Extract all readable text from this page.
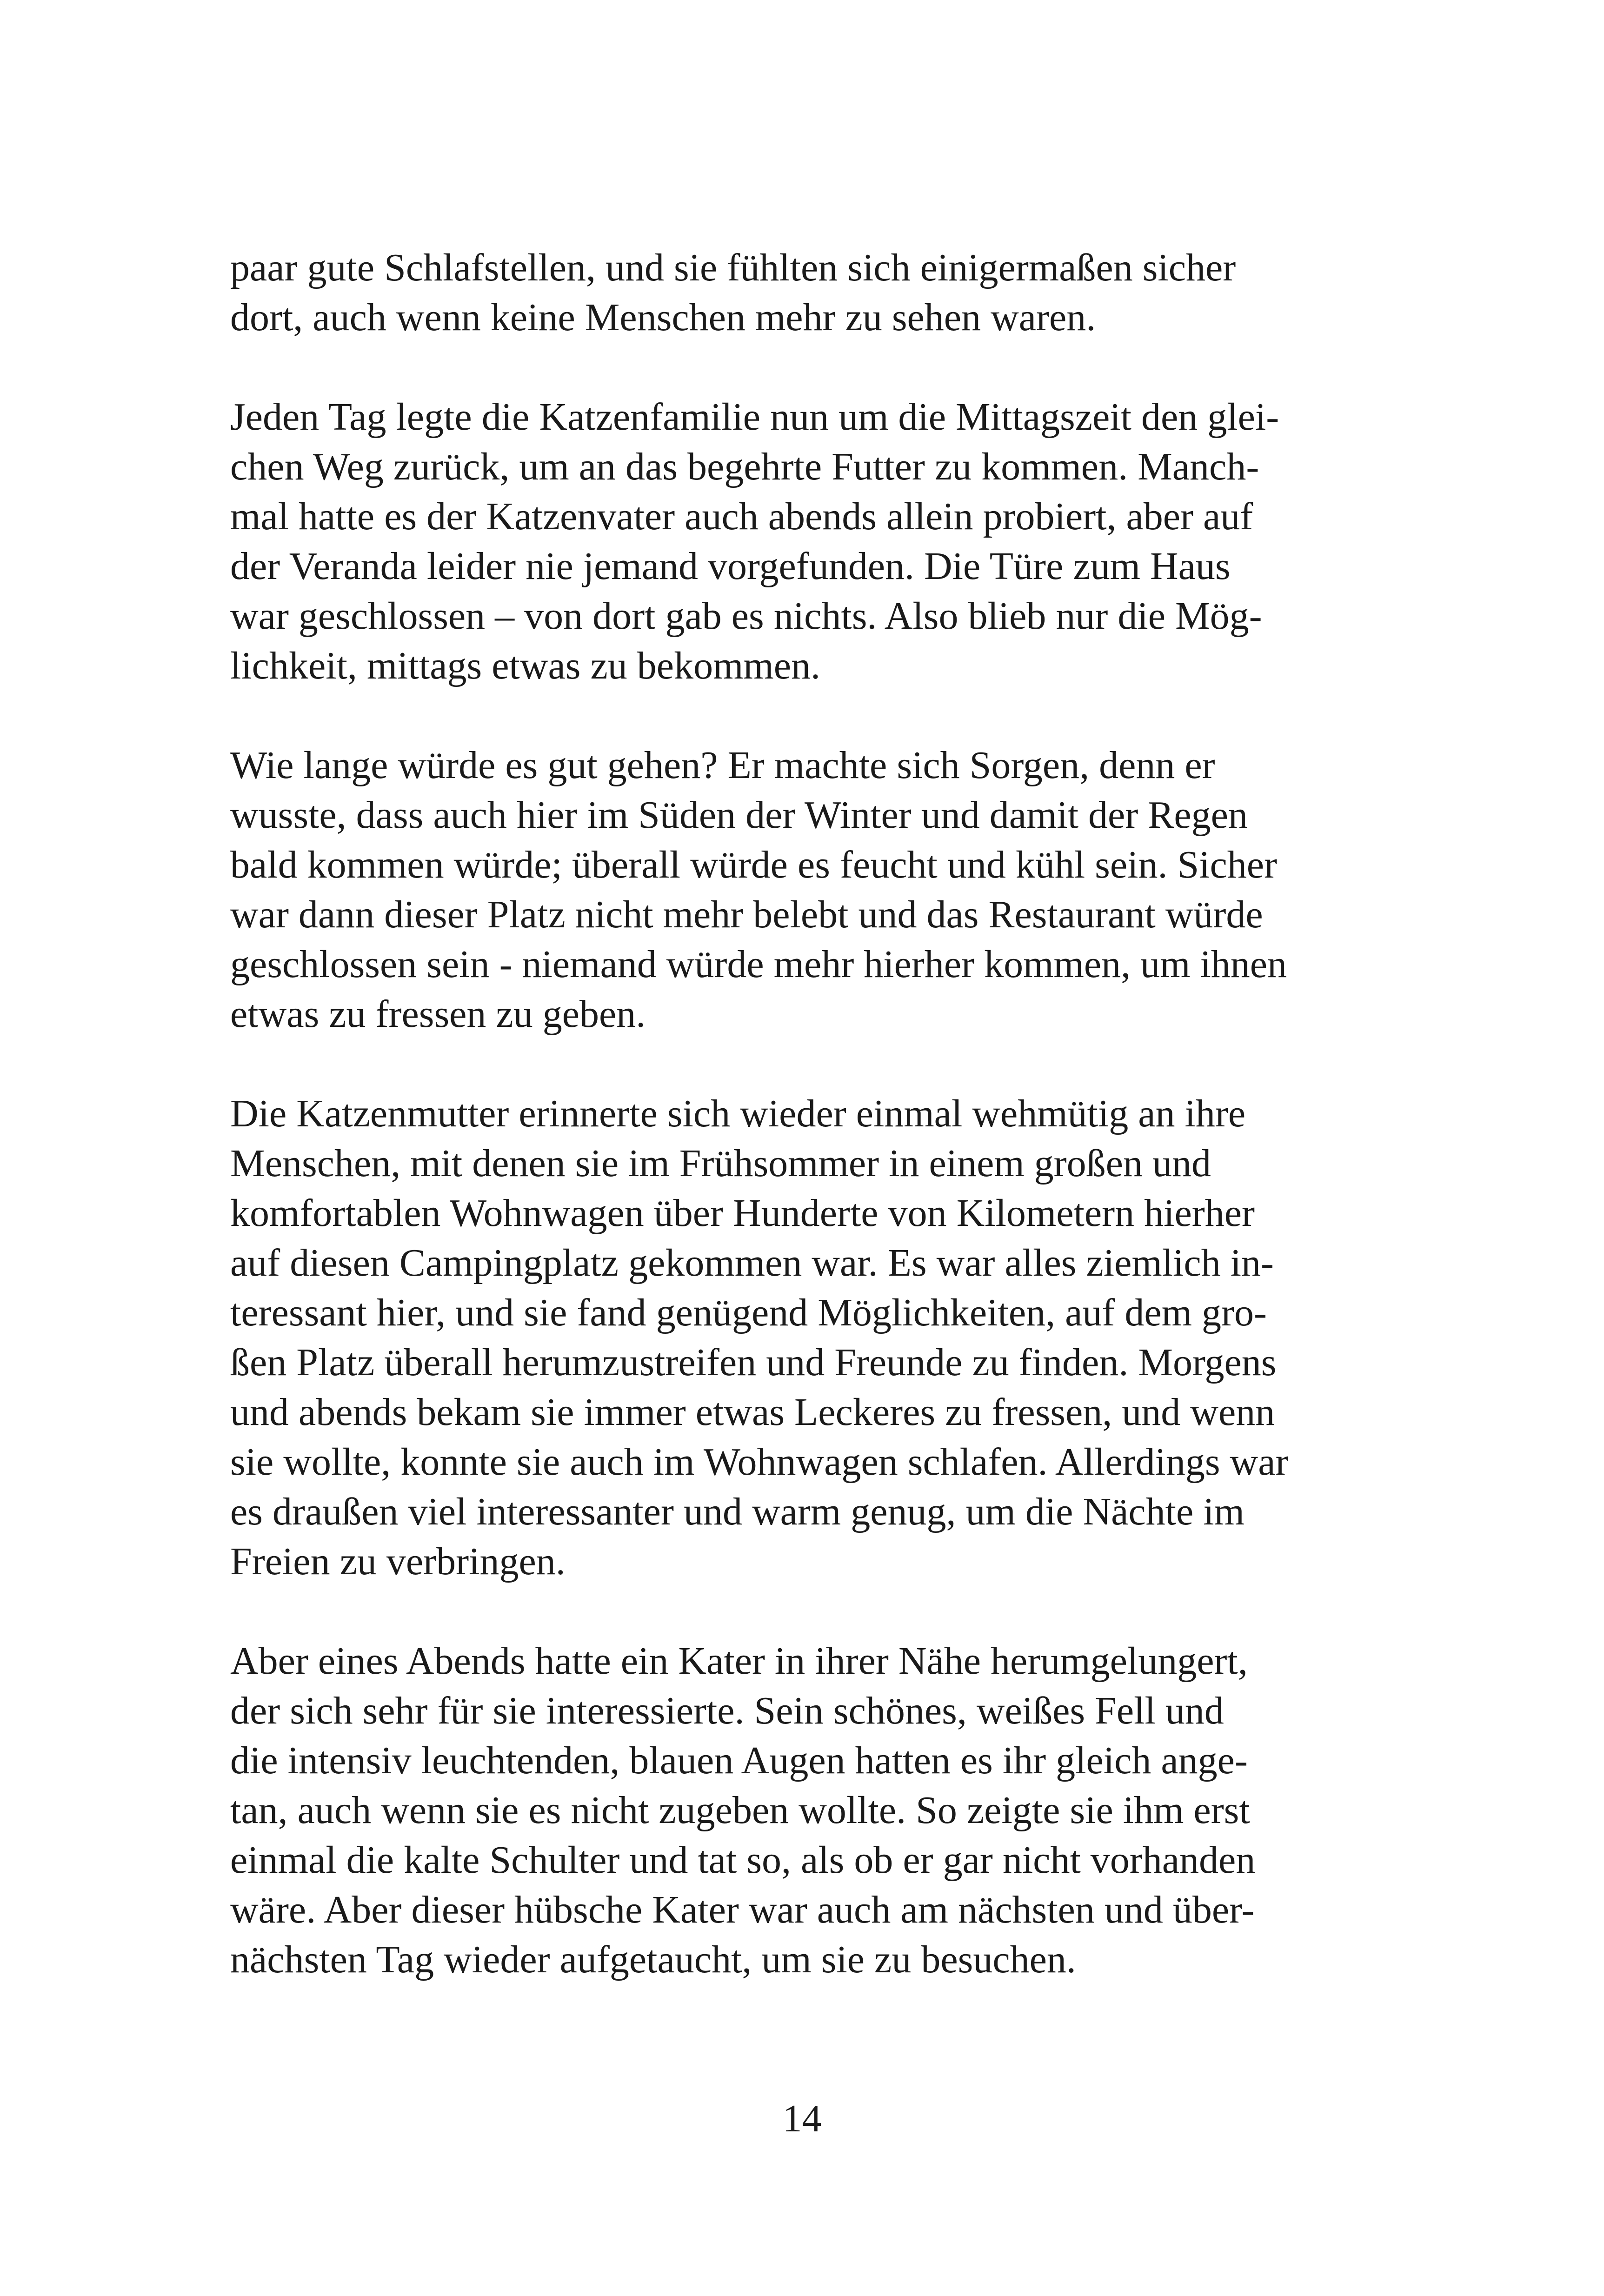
paar gute Schlafstellen, und sie fühlten sich einigermaßen sicher
dort, auch wenn keine Menschen mehr zu sehen waren.

Jeden Tag legte die Katzenfamilie nun um die Mittagszeit den glei-
chen Weg zurück, um an das begehrte Futter zu kommen. Manch-
mal hatte es der Katzenvater auch abends allein probiert, aber auf
der Veranda leider nie jemand vorgefunden. Die Türe zum Haus
war geschlossen – von dort gab es nichts. Also blieb nur die Mög-
lichkeit, mittags etwas zu bekommen.

Wie lange würde es gut gehen? Er machte sich Sorgen, denn er
wusste, dass auch hier im Süden der Winter und damit der Regen
bald kommen würde; überall würde es feucht und kühl sein. Sicher
war dann dieser Platz nicht mehr belebt und das Restaurant würde
geschlossen sein - niemand würde mehr hierher kommen, um ihnen
etwas zu fressen zu geben.

Die Katzenmutter erinnerte sich wieder einmal wehmütig an ihre
Menschen, mit denen sie im Frühsommer in einem großen und
komfortablen Wohnwagen über Hunderte von Kilometern hierher
auf diesen Campingplatz gekommen war. Es war alles ziemlich in-
teressant hier, und sie fand genügend Möglichkeiten, auf dem gro-
ßen Platz überall herumzustreifen und Freunde zu finden. Morgens
und abends bekam sie immer etwas Leckeres zu fressen, und wenn
sie wollte, konnte sie auch im Wohnwagen schlafen. Allerdings war
es draußen viel interessanter und warm genug, um die Nächte im
Freien zu verbringen.

Aber eines Abends hatte ein Kater in ihrer Nähe herumgelungert,
der sich sehr für sie interessierte. Sein schönes, weißes Fell und
die intensiv leuchtenden, blauen Augen hatten es ihr gleich ange-
tan, auch wenn sie es nicht zugeben wollte. So zeigte sie ihm erst
einmal die kalte Schulter und tat so, als ob er gar nicht vorhanden
wäre. Aber dieser hübsche Kater war auch am nächsten und über-
nächsten Tag wieder aufgetaucht, um sie zu besuchen.

14
